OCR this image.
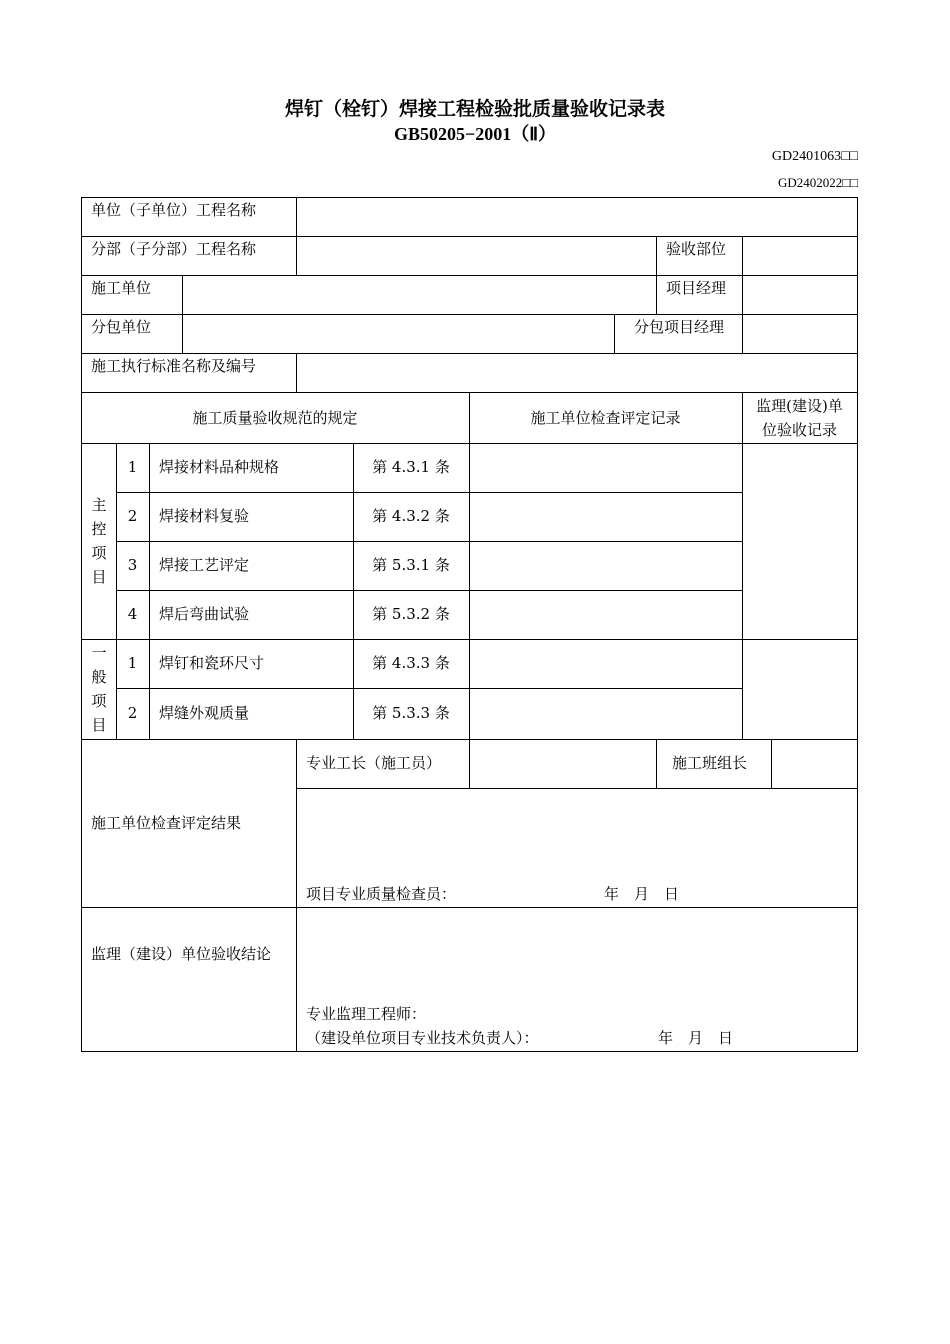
焊钉（栓钉）焊接工程检验批质量验收记录表
GB50205−2001（Ⅱ）
GD2401063□□
GD2402022□□
单位（子单位）工程名称
分部（子分部）工程名称	验收部位
施工单位	项目经理
分包单位	分包项目经理
施工执行标准名称及编号
施工质量验收规范的规定	施工单位检查评定记录
监理(建设)单
位验收记录
主
控
项
目
1	焊接材料品种规格	第 4.3.1 条
2	焊接材料复验	第 4.3.2 条
3	焊接工艺评定	第 5.3.1 条
4	焊后弯曲试验	第 5.3.2 条
一
般
项
目
1	焊钉和瓷环尺寸	第 4.3.3 条
2	焊缝外观质量	第 5.3.3 条
施工单位检查评定结果
专业工长（施工员）	施工班组长
项目专业质量检查员：	年　月　日
监理（建设）单位验收结论
专业监理工程师：
（建设单位项目专业技术负责人）：	年　月　日
